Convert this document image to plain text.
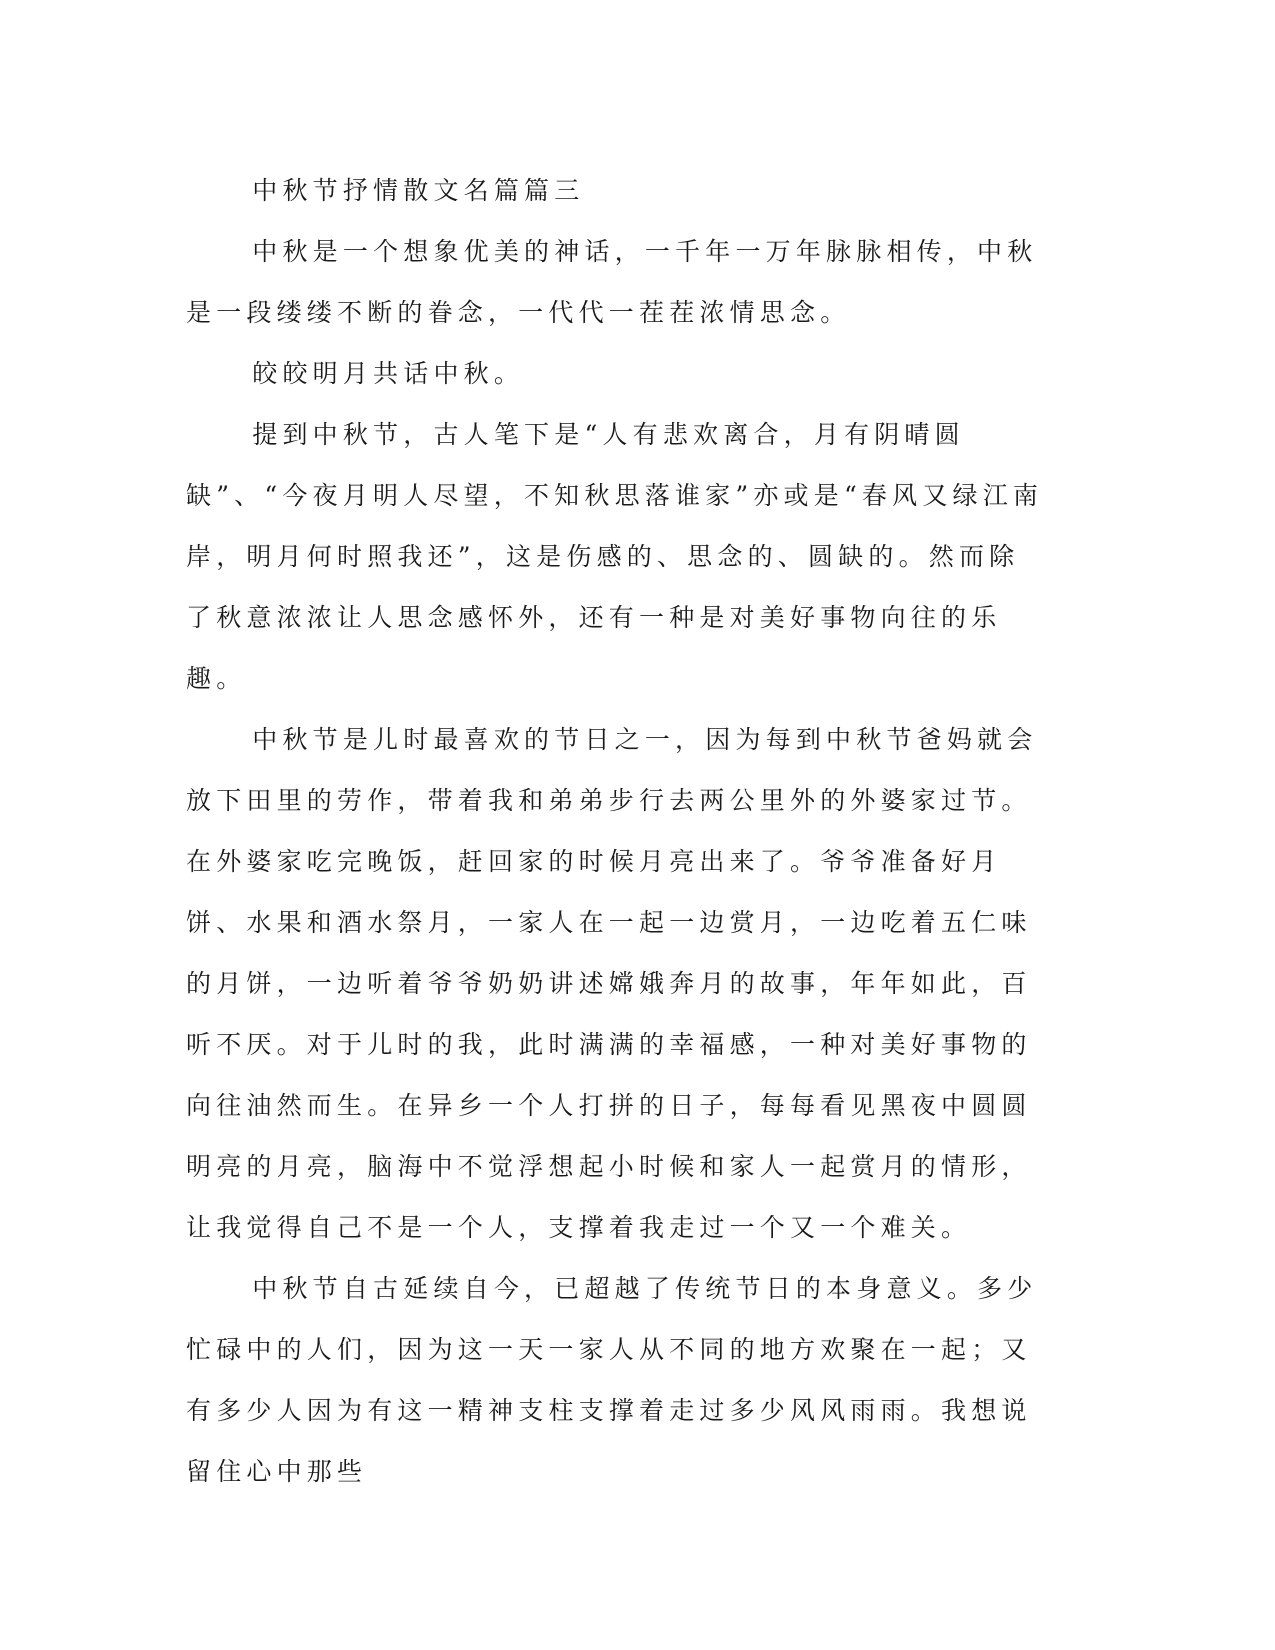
中秋节抒情散文名篇篇三

中秋是一个想象优美的神话，一千年一万年脉脉相传，中秋是一段缕缕不断的眷念，一代代一茬茬浓情思念。

皎皎明月共话中秋。

提到中秋节，古人笔下是“人有悲欢离合，月有阴晴圆缺”、“今夜月明人尽望，不知秋思落谁家”亦或是“春风又绿江南岸，明月何时照我还”，这是伤感的、思念的、圆缺的。然而除了秋意浓浓让人思念感怀外，还有一种是对美好事物向往的乐趣。

中秋节是儿时最喜欢的节日之一，因为每到中秋节爸妈就会放下田里的劳作，带着我和弟弟步行去两公里外的外婆家过节。在外婆家吃完晚饭，赶回家的时候月亮出来了。爷爷准备好月饼、水果和酒水祭月，一家人在一起一边赏月，一边吃着五仁味的月饼，一边听着爷爷奶奶讲述嫦娥奔月的故事，年年如此，百听不厌。对于儿时的我，此时满满的幸福感，一种对美好事物的向往油然而生。在异乡一个人打拼的日子，每每看见黑夜中圆圆明亮的月亮，脑海中不觉浮想起小时候和家人一起赏月的情形，让我觉得自己不是一个人，支撑着我走过一个又一个难关。

中秋节自古延续自今，已超越了传统节日的本身意义。多少忙碌中的人们，因为这一天一家人从不同的地方欢聚在一起；又有多少人因为有这一精神支柱支撑着走过多少风风雨雨。我想说留住心中那些
